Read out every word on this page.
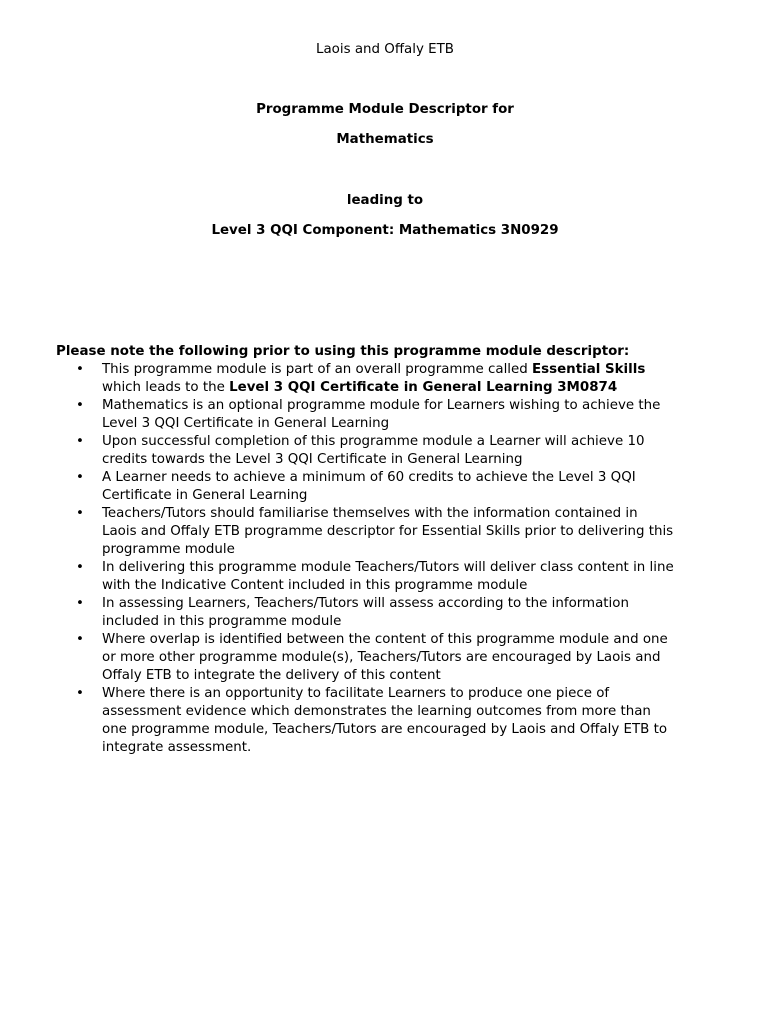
Laois and Offaly ETB
Programme Module Descriptor for
Mathematics
leading to
Level 3 QQI Component: Mathematics 3N0929
Please note the following prior to using this programme module descriptor:
• This programme module is part of an overall programme called Essential Skills
which leads to the Level 3 QQI Certificate in General Learning 3M0874
• Mathematics is an optional programme module for Learners wishing to achieve the
Level 3 QQI Certificate in General Learning
• Upon successful completion of this programme module a Learner will achieve 10
credits towards the Level 3 QQI Certificate in General Learning
• A Learner needs to achieve a minimum of 60 credits to achieve the Level 3 QQI
Certificate in General Learning
• Teachers/Tutors should familiarise themselves with the information contained in
Laois and Offaly ETB programme descriptor for Essential Skills prior to delivering this
programme module
• In delivering this programme module Teachers/Tutors will deliver class content in line
with the Indicative Content included in this programme module
• In assessing Learners, Teachers/Tutors will assess according to the information
included in this programme module
• Where overlap is identified between the content of this programme module and one
or more other programme module(s), Teachers/Tutors are encouraged by Laois and
Offaly ETB to integrate the delivery of this content
• Where there is an opportunity to facilitate Learners to produce one piece of
assessment evidence which demonstrates the learning outcomes from more than
one programme module, Teachers/Tutors are encouraged by Laois and Offaly ETB to
integrate assessment.
